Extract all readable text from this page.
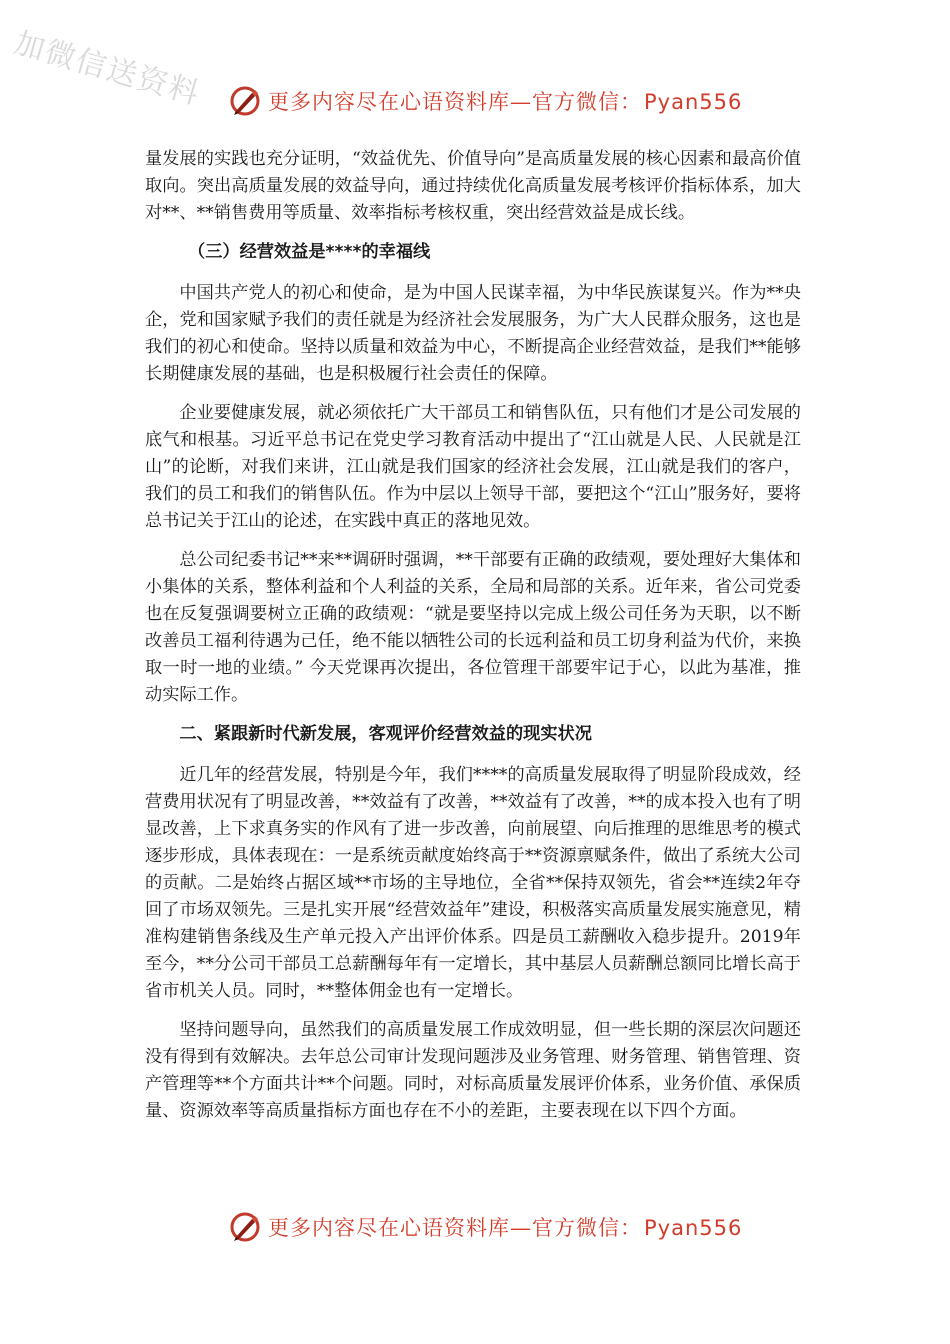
加微信送资料	更多内容尽在心语资料库—官方微信：Pyan556

量发展的实践也充分证明，“效益优先、价值导向”是高质量发展的核心因素和最高价值取向。突出高质量发展的效益导向，通过持续优化高质量发展考核评价指标体系，加大对**、**销售费用等质量、效率指标考核权重，突出经营效益是成长线。

（三）经营效益是****的幸福线

中国共产党人的初心和使命，是为中国人民谋幸福，为中华民族谋复兴。作为**央企，党和国家赋予我们的责任就是为经济社会发展服务，为广大人民群众服务，这也是我们的初心和使命。坚持以质量和效益为中心，不断提高企业经营效益，是我们**能够长期健康发展的基础，也是积极履行社会责任的保障。

企业要健康发展，就必须依托广大干部员工和销售队伍，只有他们才是公司发展的底气和根基。习近平总书记在党史学习教育活动中提出了“江山就是人民、人民就是江山”的论断，对我们来讲，江山就是我们国家的经济社会发展，江山就是我们的客户，我们的员工和我们的销售队伍。作为中层以上领导干部，要把这个“江山”服务好，要将总书记关于江山的论述，在实践中真正的落地见效。

总公司纪委书记**来**调研时强调，**干部要有正确的政绩观，要处理好大集体和小集体的关系，整体利益和个人利益的关系，全局和局部的关系。近年来，省公司党委也在反复强调要树立正确的政绩观：“就是要坚持以完成上级公司任务为天职，以不断改善员工福利待遇为己任，绝不能以牺牲公司的长远利益和员工切身利益为代价，来换取一时一地的业绩。” 今天党课再次提出，各位管理干部要牢记于心，以此为基准，推动实际工作。

二、紧跟新时代新发展，客观评价经营效益的现实状况

近几年的经营发展，特别是今年，我们****的高质量发展取得了明显阶段成效，经营费用状况有了明显改善，**效益有了改善，**效益有了改善，**的成本投入也有了明显改善，上下求真务实的作风有了进一步改善，向前展望、向后推理的思维思考的模式逐步形成，具体表现在：一是系统贡献度始终高于**资源禀赋条件，做出了系统大公司的贡献。二是始终占据区域**市场的主导地位，全省**保持双领先，省会**连续2年夺回了市场双领先。三是扎实开展“经营效益年”建设，积极落实高质量发展实施意见，精准构建销售条线及生产单元投入产出评价体系。四是员工薪酬收入稳步提升。2019年至今，**分公司干部员工总薪酬每年有一定增长，其中基层人员薪酬总额同比增长高于省市机关人员。同时，**整体佣金也有一定增长。

坚持问题导向，虽然我们的高质量发展工作成效明显，但一些长期的深层次问题还没有得到有效解决。去年总公司审计发现问题涉及业务管理、财务管理、销售管理、资产管理等**个方面共计**个问题。同时，对标高质量发展评价体系，业务价值、承保质量、资源效率等高质量指标方面也存在不小的差距，主要表现在以下四个方面。

更多内容尽在心语资料库—官方微信：Pyan556
